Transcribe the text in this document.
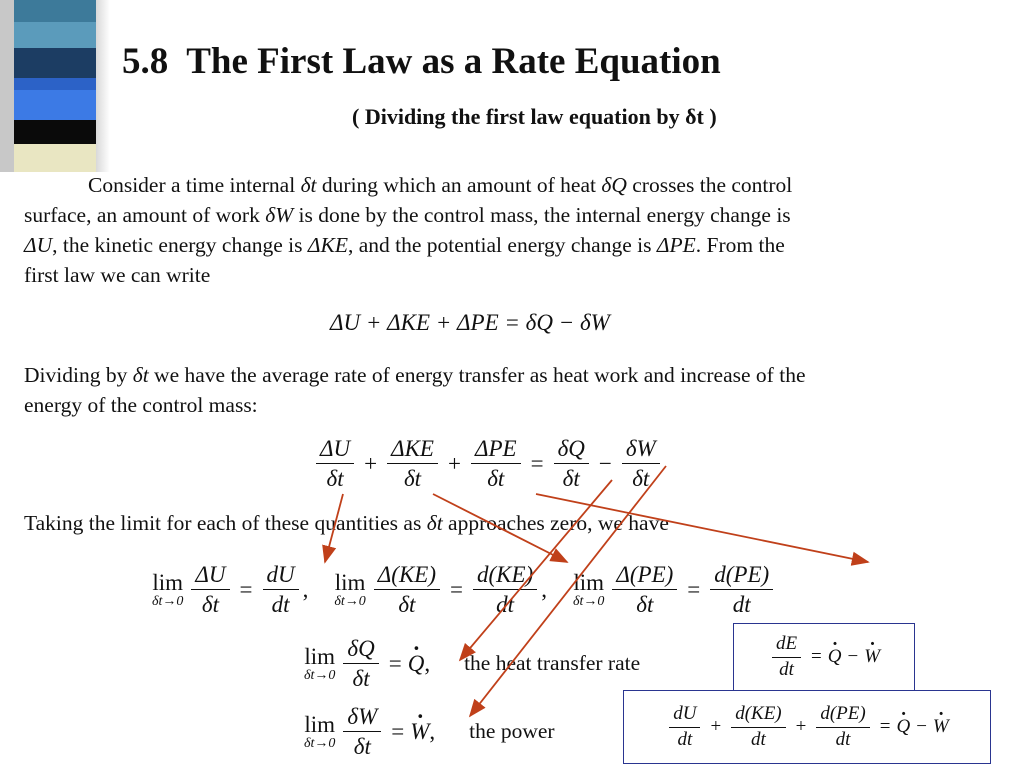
5.8 The First Law as a Rate Equation
( Dividing the first law equation by δt )
Consider a time internal δt during which an amount of heat δQ crosses the control
surface, an amount of work δW is done by the control mass, the internal energy change is
ΔU, the kinetic energy change is ΔKE, and the potential energy change is ΔPE. From the
first law we can write
ΔU + ΔKE + ΔPE = δQ − δW
Dividing by δt we have the average rate of energy transfer as heat work and increase of the
energy of the control mass:
$\frac{\Delta U}{\delta t} + \frac{\text{ΔKE}}{\delta t} + \frac{\text{ΔPE}}{\delta t} = \frac{\delta Q}{\delta t} - \frac{\delta W}{\delta t}$
Taking the limit for each of these quantities as δt approaches zero, we have
lim
$\delta t\to 0 \frac{\Delta U}{\delta t} = \frac{dU}{dt}$ , lim
$\delta t\to 0 \frac{\Delta(KE)}{\delta t} = \frac{d(KE)}{dt}$ , lim
$\delta t\to 0 \frac{\Delta(PE)}{\delta t} = \frac{d(PE)}{dt}$
lim
$\delta t\to 0 \frac{\delta Q}{\delta t}$ = · Q , the heat transfer rate
lim
$\delta t\to 0 \frac{\delta W}{\delta t}$ = · W , the power
$\frac{dE}{dt}$ = · Q − · W
$\frac{dU}{dt} + \frac{d(KE)}{dt} + \frac{d(PE)}{dt}$ = · Q − · W
